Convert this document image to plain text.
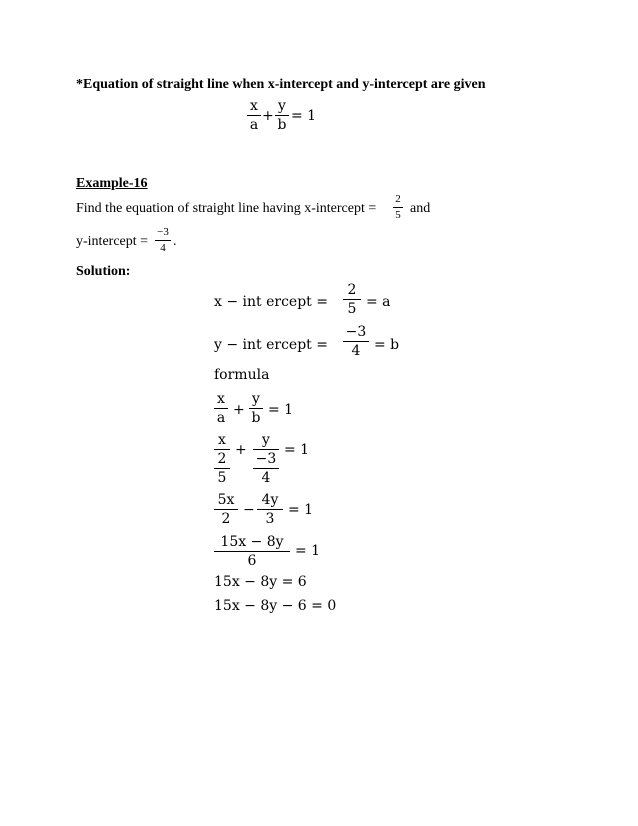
*Equation of straight line when x-intercept and y-intercept are given
x
a
+
y
b
= 1
Example-16
Find the equation of straight line having x-intercept =
2
5 and
y-intercept =
−3
4 .
Solution:
x − int ercept =
2
5 = a
y − int ercept =
−3
4 = b
formula
x
a +
y
b = 1
x
2
5
+
y
−3
4
= 1
5x
2
−
4y
3
= 1
15x − 8y
6
= 1
15x − 8y = 6
15x − 8y − 6 = 0
